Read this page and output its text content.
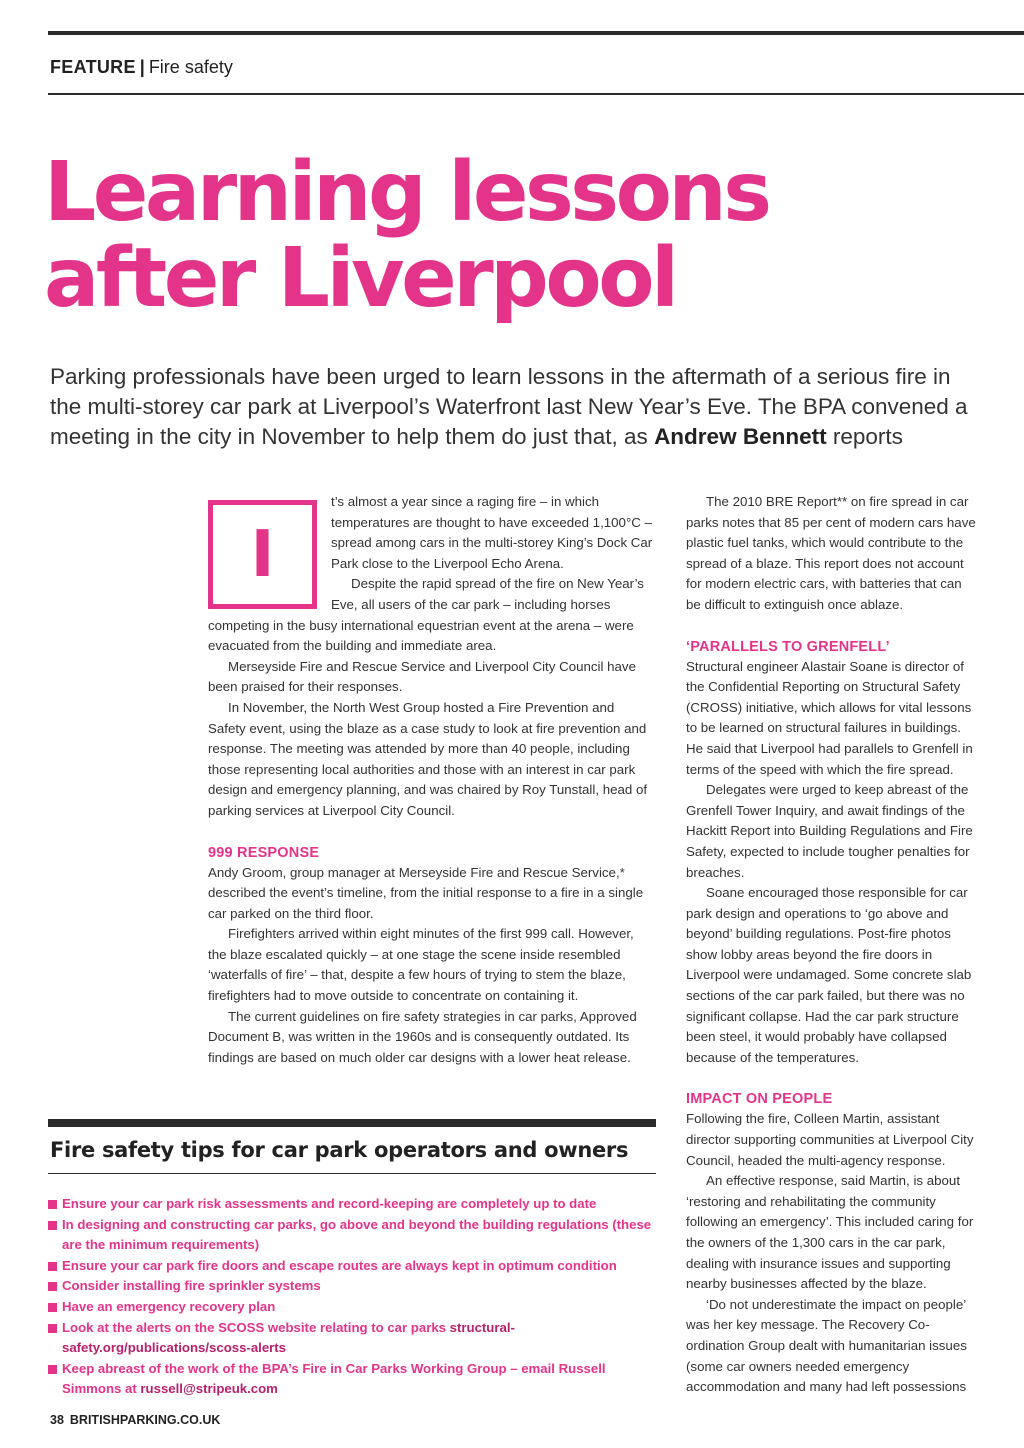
FEATURE | Fire safety
Learning lessons
after Liverpool

Parking professionals have been urged to learn lessons in the aftermath of a serious fire in the multi-storey car park at Liverpool’s Waterfront last New Year’s Eve. The BPA convened a meeting in the city in November to help them do just that, as Andrew Bennett reports

I

t’s almost a year since a raging fire – in which temperatures are thought to have exceeded 1,100°C – spread among cars in the multi-storey King’s Dock Car Park close to the Liverpool Echo Arena.

Despite the rapid spread of the fire on New Year’s Eve, all users of the car park – including horses competing in the busy international equestrian event at the arena – were evacuated from the building and immediate area.

Merseyside Fire and Rescue Service and Liverpool City Council have been praised for their responses.

In November, the North West Group hosted a Fire Prevention and Safety event, using the blaze as a case study to look at fire prevention and response. The meeting was attended by more than 40 people, including those representing local authorities and those with an interest in car park design and emergency planning, and was chaired by Roy Tunstall, head of parking services at Liverpool City Council.

999 RESPONSE

Andy Groom, group manager at Merseyside Fire and Rescue Service,* described the event’s timeline, from the initial response to a fire in a single car parked on the third floor.

Firefighters arrived within eight minutes of the first 999 call. However, the blaze escalated quickly – at one stage the scene inside resembled ‘waterfalls of fire’ – that, despite a few hours of trying to stem the blaze, firefighters had to move outside to concentrate on containing it.

The current guidelines on fire safety strategies in car parks, Approved Document B, was written in the 1960s and is consequently outdated. Its findings are based on much older car designs with a lower heat release.

The 2010 BRE Report** on fire spread in car parks notes that 85 per cent of modern cars have plastic fuel tanks, which would contribute to the spread of a blaze. This report does not account for modern electric cars, with batteries that can be difficult to extinguish once ablaze.

‘PARALLELS TO GRENFELL’

Structural engineer Alastair Soane is director of the Confidential Reporting on Structural Safety (CROSS) initiative, which allows for vital lessons to be learned on structural failures in buildings. He said that Liverpool had parallels to Grenfell in terms of the speed with which the fire spread.

Delegates were urged to keep abreast of the Grenfell Tower Inquiry, and await findings of the Hackitt Report into Building Regulations and Fire Safety, expected to include tougher penalties for breaches.

Soane encouraged those responsible for car park design and operations to ‘go above and beyond’ building regulations. Post-fire photos show lobby areas beyond the fire doors in Liverpool were undamaged. Some concrete slab sections of the car park failed, but there was no significant collapse. Had the car park structure been steel, it would probably have collapsed because of the temperatures.

IMPACT ON PEOPLE

Following the fire, Colleen Martin, assistant director supporting communities at Liverpool City Council, headed the multi-agency response.

An effective response, said Martin, is about ‘restoring and rehabilitating the community following an emergency’. This included caring for the owners of the 1,300 cars in the car park, dealing with insurance issues and supporting nearby businesses affected by the blaze.

‘Do not underestimate the impact on people’ was her key message. The Recovery Co-ordination Group dealt with humanitarian issues (some car owners needed emergency accommodation and many had left possessions

Fire safety tips for car park operators and owners
Ensure your car park risk assessments and record-keeping are completely up to date
In designing and constructing car parks, go above and beyond the building regulations (these are the minimum requirements)
Ensure your car park fire doors and escape routes are always kept in optimum condition
Consider installing fire sprinkler systems
Have an emergency recovery plan
Look at the alerts on the SCOSS website relating to car parks structural-safety.org/publications/scoss-alerts
Keep abreast of the work of the BPA’s Fire in Car Parks Working Group – email Russell Simmons at russell@stripeuk.com
38 BRITISHPARKING.CO.UK
